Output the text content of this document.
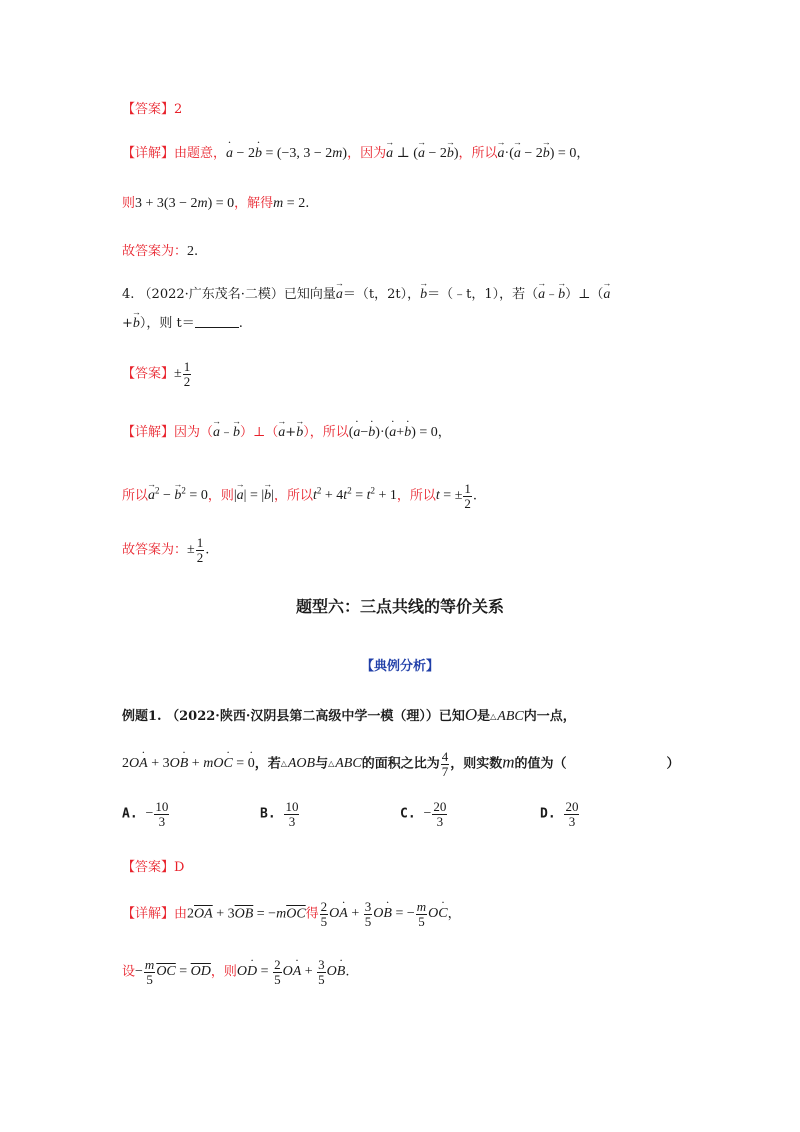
【答案】2
【详解】由题意，· a − 2· b = (−3, 3 − 2m)，因为→ a ⊥ (→ a − 2→ b)，所以→ a·(→ a − 2→ b) = 0，
则3 + 3(3 − 2m) = 0，解得m = 2.
故答案为：2.
4. （2022·广东茂名·二模）已知向量→ a＝（t，2t），→ b＝（﹣t，1），若（→ a﹣→ b）⊥（→ a
+→ b），则 t＝	.
【答案】± $\frac{1}{2}$
【详解】因为（→ a﹣→ b）⊥（→ a+→ b），所以(· a−· b)·(· a+· b) = 0，
所以→ $a^2$ − → $b^2 = 0$，则|→ a| = |→ b|，所以$t^2 + 4t^2 = t^2 + 1$，所以t = ± $\frac{1}{2}$ .
故答案为：± $\frac{1}{2}$ .
题型六：三点共线的等价关系
【典例分析】
例题1. （2022·陕西·汉阴县第二高级中学一模（理））已知O是△ABC内一点，
2O· A + 3O· B + mO· C = · 0，若△AOB与△ABC的面积之比为 $\frac{4}{7}$ ，则实数m的值为（	）
A. − $\frac{10}{3}$	B. $\frac{10}{3}$	C. − $\frac{20}{3}$	D. $\frac{20}{3}$
【答案】D
【详解】由$2\overline{OA} + 3\overline{OB} = -m\overline{OC}$得 $\frac{2}{5} O\cdot A + \frac{3}{5} O\cdot B$ = − $\frac{m}{5} O\cdot C$，
设− $\frac{m}{5} \overline{OC} = \overline{OD}$，则$O\cdot D = \frac{2}{5} O\cdot A + \frac{3}{5} O\cdot B$.
